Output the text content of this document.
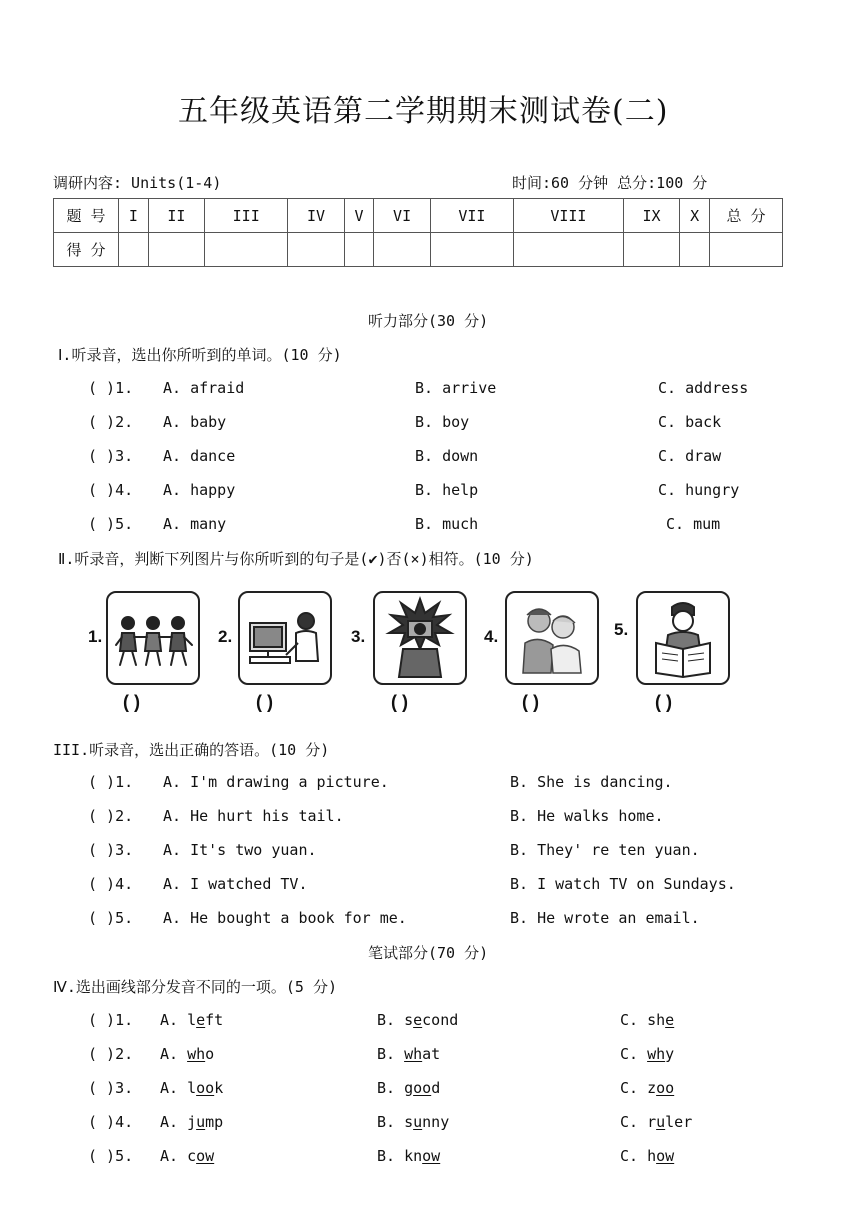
五年级英语第二学期期末测试卷(二)
调研内容: Units(1-4)	时间:60 分钟 总分:100 分
题 号	I	II	III	IV	V	VI	VII	VIII	IX	X	总 分
得 分											
听力部分(30 分)
Ⅰ.听录音，选出你所听到的单词。(10 分)
( )1. A. afraid	B. arrive	C. address
( )2. A. baby	B. boy	C. back
( )3. A. dance	B. down	C. draw
( )4. A. happy	B. help	C. hungry
( )5. A. many	B. much	C. mum
Ⅱ.听录音，判断下列图片与你所听到的句子是(✔)否(×)相符。(10 分)
1.
( )
2.
( )
3.
( )
4.
( )
5.
( )
III.听录音，选出正确的答语。(10 分)
( )1. A. I'm drawing a picture.	B. She is dancing.
( )2. A. He hurt his tail.	B. He walks home.
( )3. A. It's two yuan.	B. They' re ten yuan.
( )4. A. I watched TV.	B. I watch TV on Sundays.
( )5. A. He bought a book for me.	B. He wrote an email.
笔试部分(70 分)
Ⅳ.选出画线部分发音不同的一项。(5 分)
( )1. A. left	B. second	C. she
( )2. A. who	B. what	C. why
( )3. A. look	B. good	C. zoo
( )4. A. jump	B. sunny	C. ruler
( )5. A. cow	B. know	C. how
